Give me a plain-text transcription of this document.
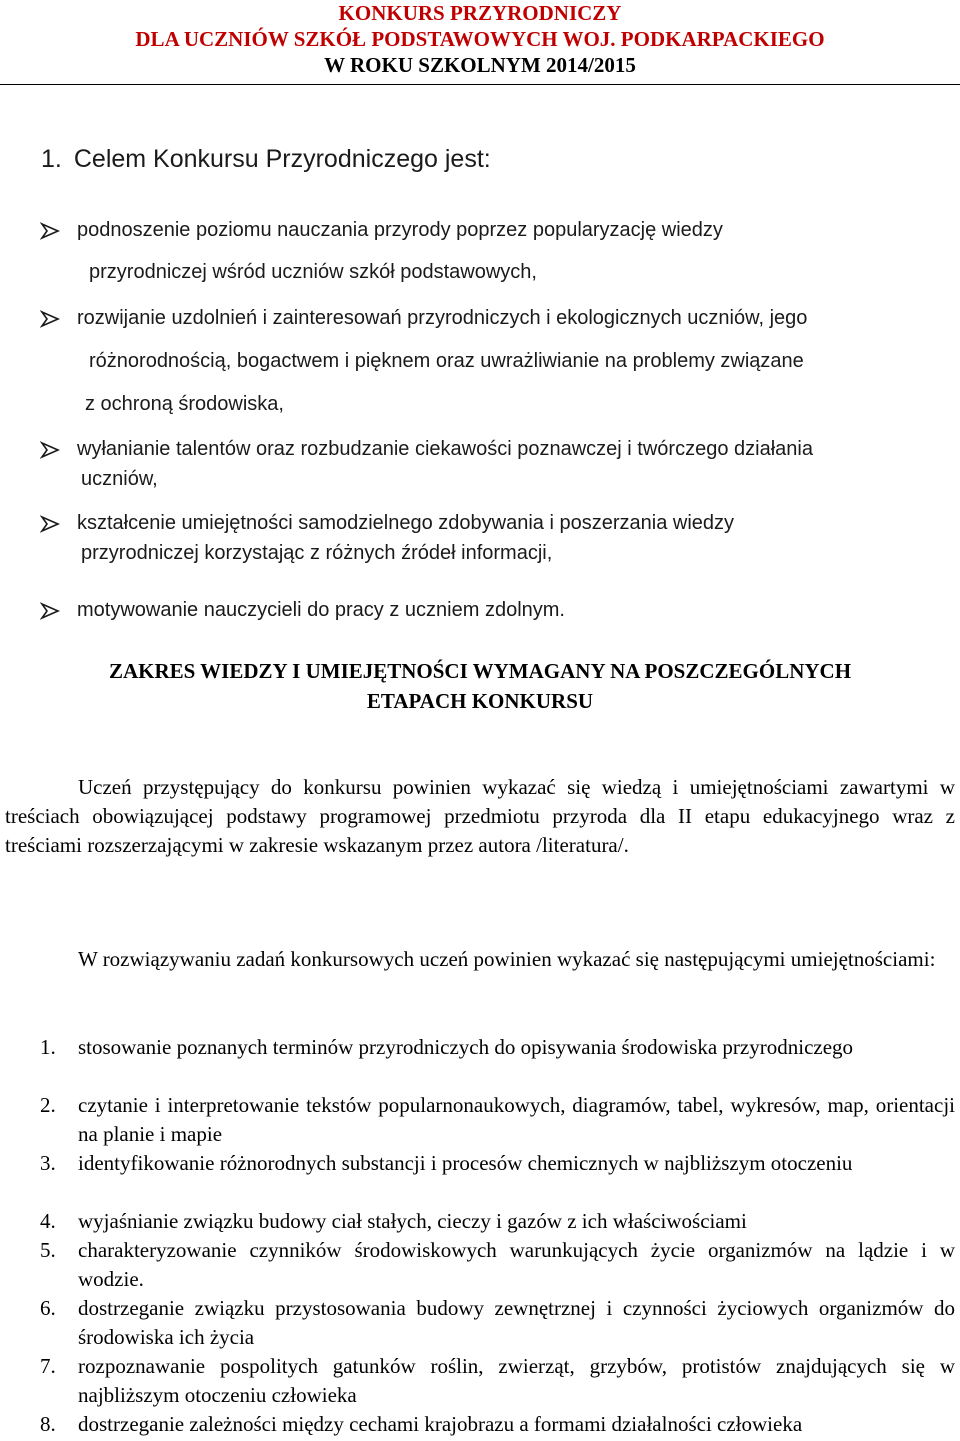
KONKURS PRZYRODNICZY
DLA UCZNIÓW SZKÓŁ PODSTAWOWYCH WOJ. PODKARPACKIEGO
W ROKU SZKOLNYM 2014/2015
1. Celem Konkursu Przyrodniczego jest:
podnoszenie poziomu nauczania przyrody poprzez popularyzację wiedzy
przyrodniczej wśród uczniów szkół podstawowych,
rozwijanie uzdolnień i zainteresowań przyrodniczych i ekologicznych uczniów, jego
różnorodnością, bogactwem i pięknem oraz uwrażliwianie na problemy związane
z ochroną środowiska,
wyłanianie talentów oraz rozbudzanie ciekawości poznawczej i twórczego działania
uczniów,
kształcenie umiejętności samodzielnego zdobywania i poszerzania wiedzy
przyrodniczej korzystając z różnych źródeł informacji,
motywowanie nauczycieli do pracy z uczniem zdolnym.
ZAKRES WIEDZY I UMIEJĘTNOŚCI WYMAGANY NA POSZCZEGÓLNYCH
ETAPACH KONKURSU
Uczeń przystępujący do konkursu powinien wykazać się wiedzą i umiejętnościami zawartymi w treściach obowiązującej podstawy programowej przedmiotu przyroda dla II etapu edukacyjnego wraz z treściami rozszerzającymi w zakresie wskazanym przez autora /literatura/.
W rozwiązywaniu zadań konkursowych uczeń powinien wykazać się następującymi umiejętnościami:
1.	stosowanie poznanych terminów przyrodniczych do opisywania środowiska przyrodniczego
2.	czytanie i interpretowanie tekstów popularnonaukowych, diagramów, tabel, wykresów, map, orientacji na planie i mapie
3.	identyfikowanie różnorodnych substancji i procesów chemicznych w najbliższym otoczeniu
4.	wyjaśnianie związku budowy ciał stałych, cieczy i gazów z ich właściwościami
5.	charakteryzowanie czynników środowiskowych warunkujących życie organizmów na lądzie i w wodzie.
6.	dostrzeganie związku przystosowania budowy zewnętrznej i czynności życiowych organizmów do środowiska ich życia
7.	rozpoznawanie pospolitych gatunków roślin, zwierząt, grzybów, protistów znajdujących się w najbliższym otoczeniu człowieka
8.	dostrzeganie zależności między cechami krajobrazu a formami działalności człowieka
